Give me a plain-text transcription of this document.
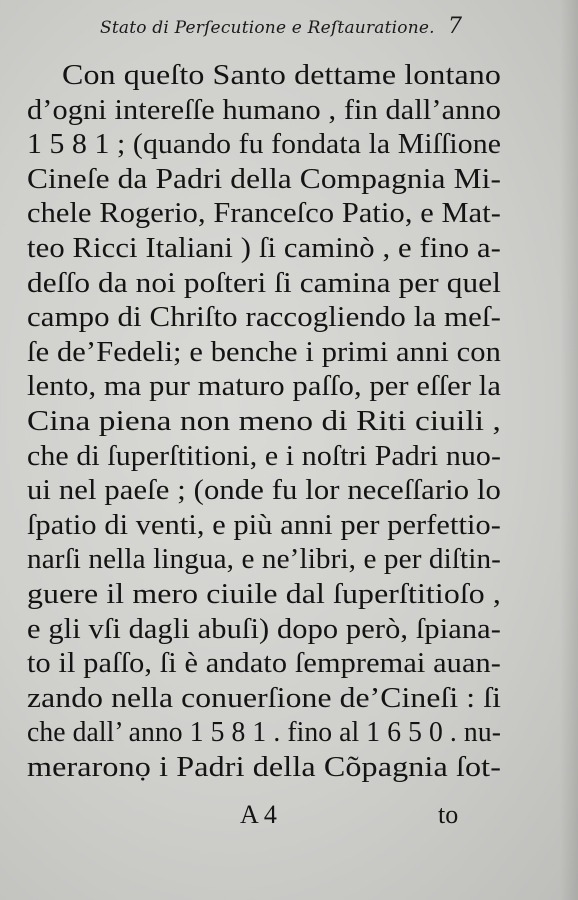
Stato di Perſecutione e Reſtauratione. 7
Con queſto Santo dettame lontano
d’ogni intereſſe humano , fin dall’anno
1 5 8 1 ; (quando fu fondata la Miſſione
Cineſe da Padri della Compagnia Mi-
chele Rogerio, Franceſco Patio, e Mat-
teo Ricci Italiani ) ſi caminò , e fino a-
deſſo da noi poſteri ſi camina per quel
campo di Chriſto raccogliendo la meſ-
ſe de’Fedeli; e benche i primi anni con
lento, ma pur maturo paſſo, per eſſer la
Cina piena non meno di Riti ciuili ,
che di ſuperſtitioni, e i noſtri Padri nuo-
ui nel paeſe ; (onde fu lor neceſſario lo
ſpatio di venti, e più anni per perfettio-
narſi nella lingua, e ne’libri, e per diſtin-
guere il mero ciuile dal ſuperſtitioſo ,
e gli vſi dagli abuſi) dopo però, ſpiana-
to il paſſo, ſi è andato ſempremai auan-
zando nella conuerſione de’Cineſi : ſi
che dall’ anno 1 5 8 1 . fino al 1 6 5 0 . nu-
meraronọ i Padri della Cõpagnia ſot-
A 4	to
